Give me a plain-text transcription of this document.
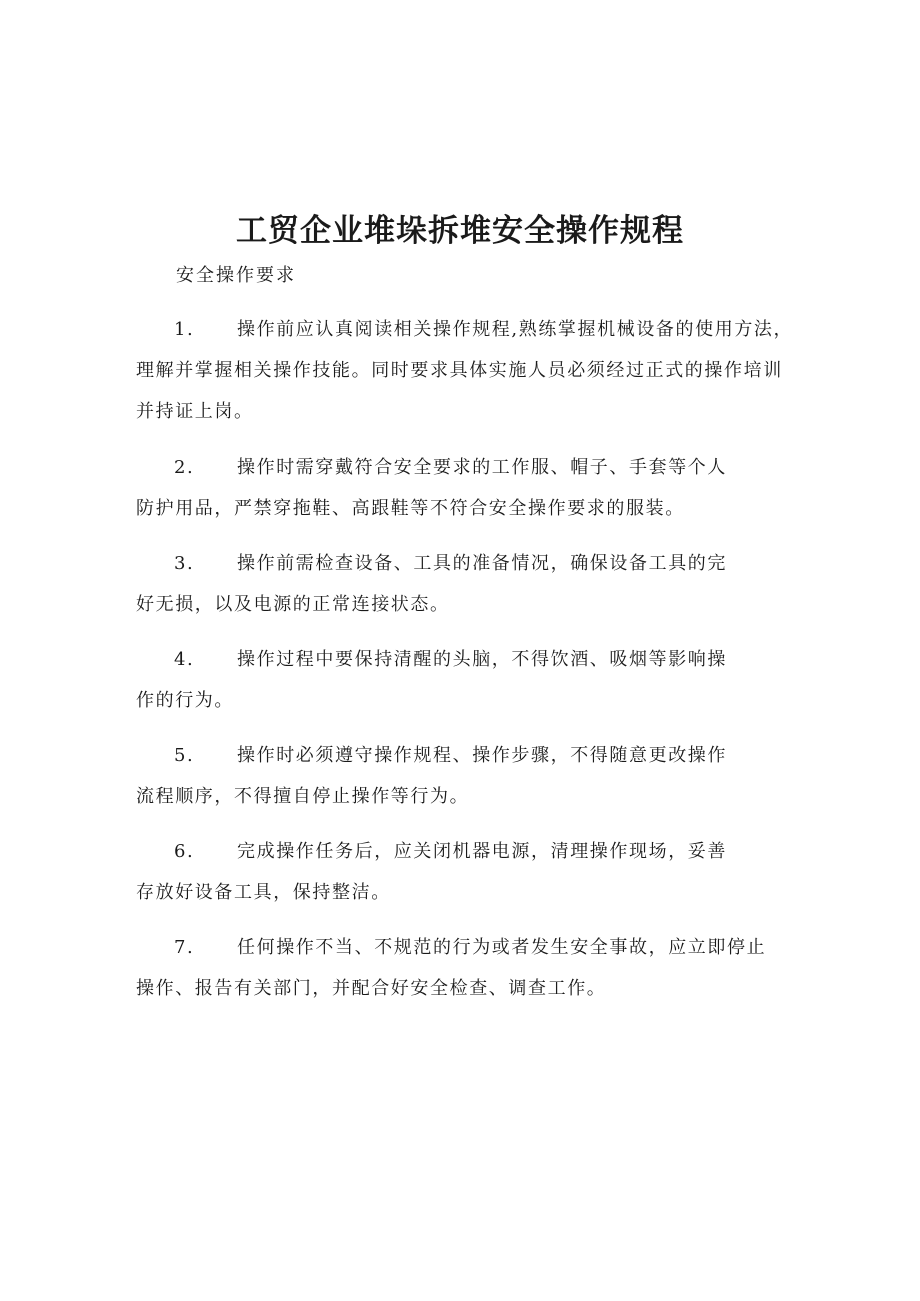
工贸企业堆垛拆堆安全操作规程
安全操作要求
1.	操作前应认真阅读相关操作规程,熟练掌握机械设备的使用方法，
理解并掌握相关操作技能。同时要求具体实施人员必须经过正式的操作培训
并持证上岗。
2.	操作时需穿戴符合安全要求的工作服、帽子、手套等个人
防护用品，严禁穿拖鞋、高跟鞋等不符合安全操作要求的服装。
3.	操作前需检查设备、工具的准备情况，确保设备工具的完
好无损，以及电源的正常连接状态。
4.	操作过程中要保持清醒的头脑，不得饮酒、吸烟等影响操
作的行为。
5.	操作时必须遵守操作规程、操作步骤，不得随意更改操作
流程顺序，不得擅自停止操作等行为。
6.	完成操作任务后，应关闭机器电源，清理操作现场，妥善
存放好设备工具，保持整洁。
7.	任何操作不当、不规范的行为或者发生安全事故，应立即停止
操作、报告有关部门，并配合好安全检查、调查工作。
